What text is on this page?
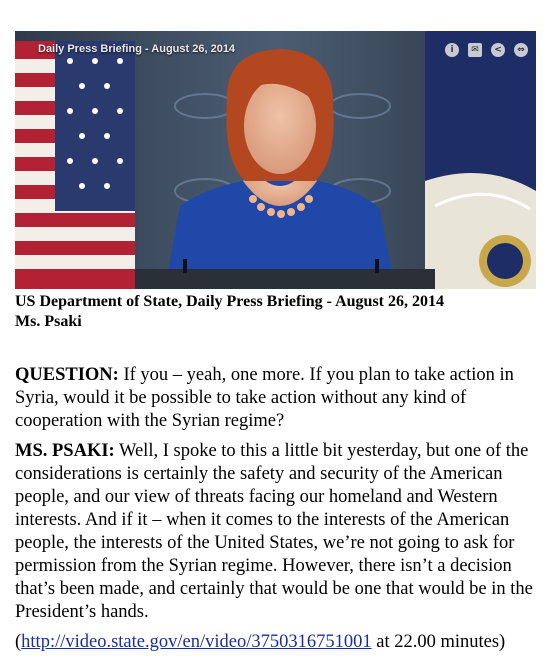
Daily Press Briefing - August 26, 2014	i	✉	<	⇔
US Department of State, Daily Press Briefing - August 26, 2014
Ms. Psaki

QUESTION: If you – yeah, one more. If you plan to take action in Syria, would it be possible to take action without any kind of cooperation with the Syrian regime?

MS. PSAKI: Well, I spoke to this a little bit yesterday, but one of the considerations is certainly the safety and security of the American people, and our view of threats facing our homeland and Western interests. And if it – when it comes to the interests of the American people, the interests of the United States, we’re not going to ask for permission from the Syrian regime. However, there isn’t a decision that’s been made, and certainly that would be one that would be in the President’s hands.

(http://video.state.gov/en/video/3750316751001 at 22.00 minutes)
